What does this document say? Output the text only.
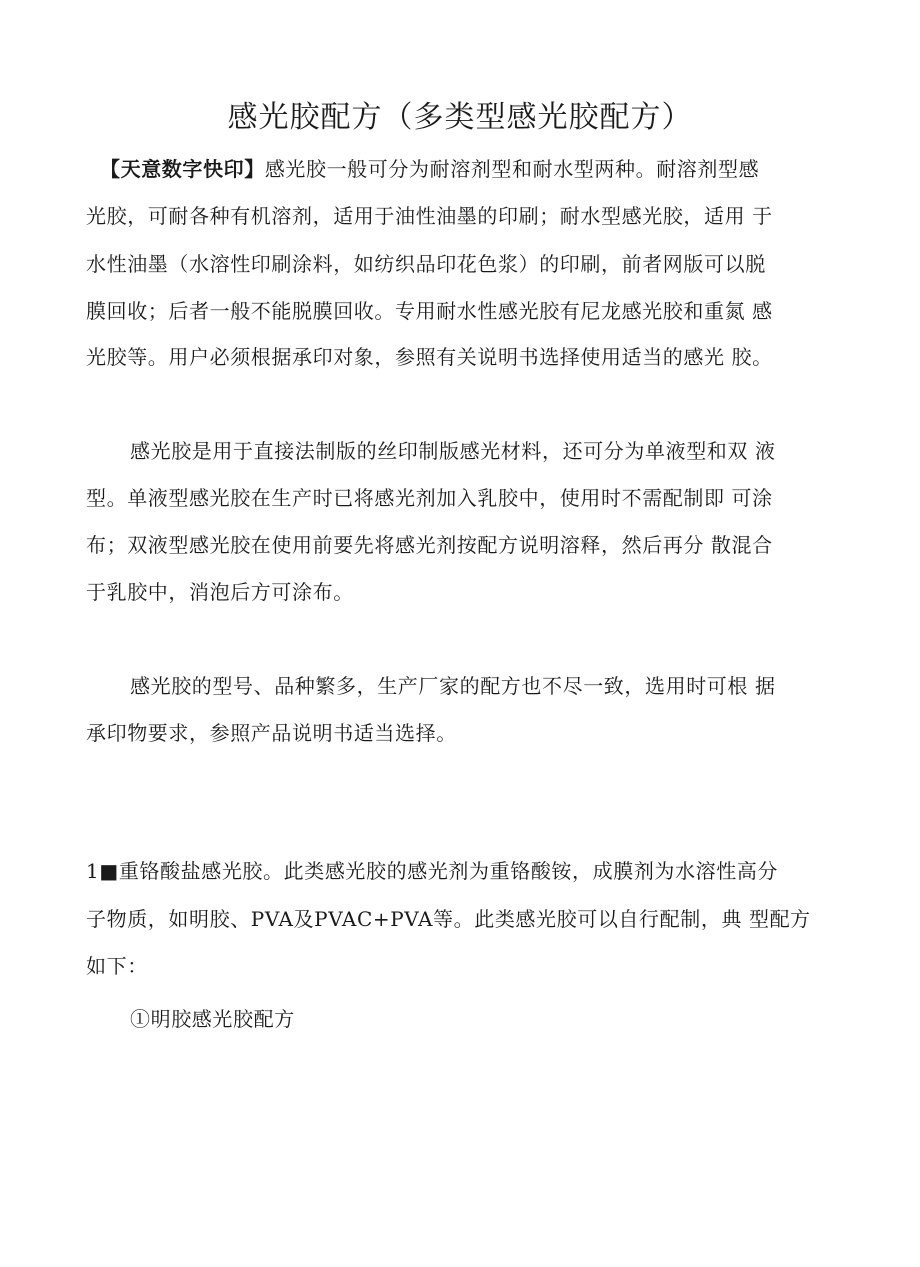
感光胶配方（多类型感光胶配方）
【天意数字快印】感光胶一般可分为耐溶剂型和耐水型两种。耐溶剂型感
光胶，可耐各种有机溶剂，适用于油性油墨的印刷；耐水型感光胶，适用 于
水性油墨（水溶性印刷涂料，如纺织品印花色浆）的印刷，前者网版可以脱
膜回收；后者一般不能脱膜回收。专用耐水性感光胶有尼龙感光胶和重氮 感
光胶等。用户必须根据承印对象，参照有关说明书选择使用适当的感光 胶。
感光胶是用于直接法制版的丝印制版感光材料，还可分为单液型和双 液
型。单液型感光胶在生产时已将感光剂加入乳胶中，使用时不需配制即 可涂
布；双液型感光胶在使用前要先将感光剂按配方说明溶释，然后再分 散混合
于乳胶中，消泡后方可涂布。
感光胶的型号、品种繁多，生产厂家的配方也不尽一致，选用时可根 据
承印物要求，参照产品说明书适当选择。
1■重铬酸盐感光胶。此类感光胶的感光剂为重铬酸铵，成膜剂为水溶性高分
子物质，如明胶、PVA及PVAC+PVA等。此类感光胶可以自行配制，典 型配方
如下：
①明胶感光胶配方
